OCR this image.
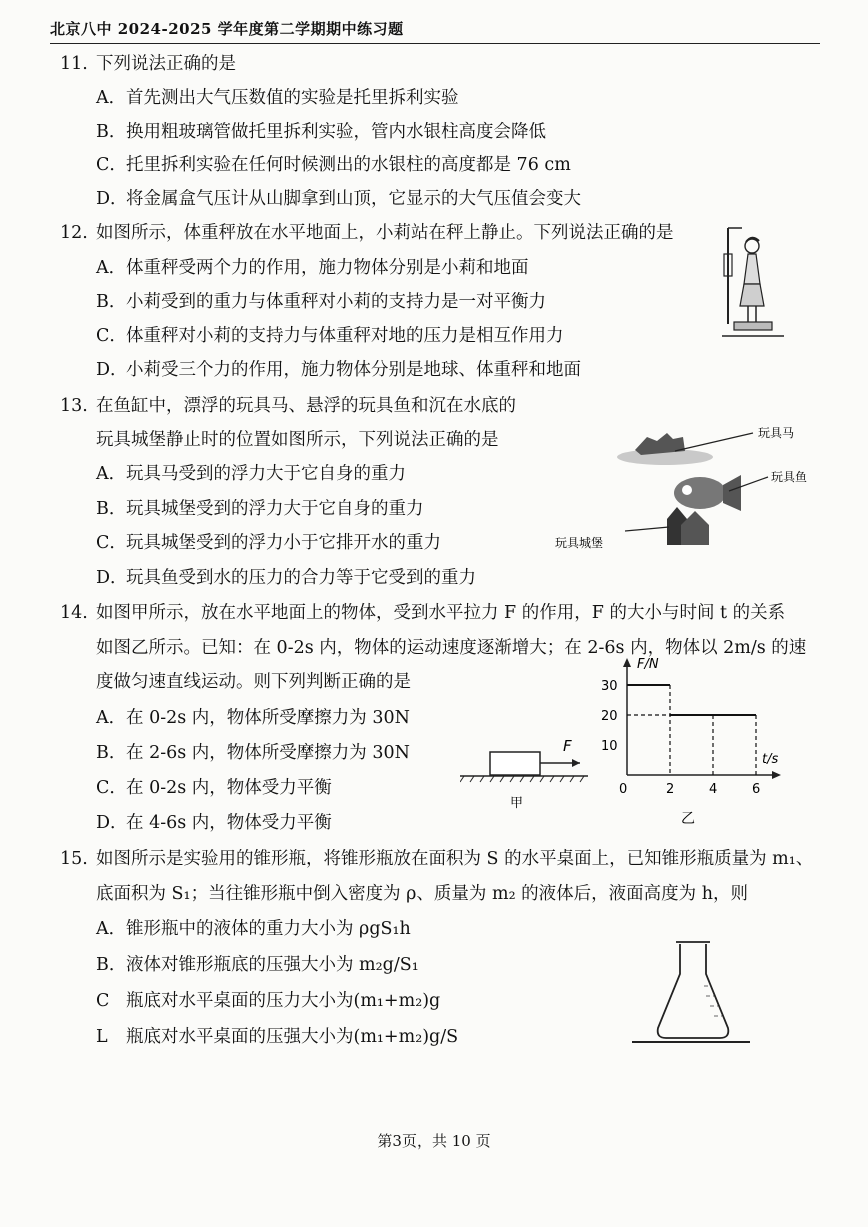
北京八中 2024-2025 学年度第二学期期中练习题
11. 下列说法正确的是
A．首先测出大气压数值的实验是托里拆利实验
B．换用粗玻璃管做托里拆利实验，管内水银柱高度会降低
C．托里拆利实验在任何时候测出的水银柱的高度都是 76 cm
D．将金属盒气压计从山脚拿到山顶，它显示的大气压值会变大
12. 如图所示，体重秤放在水平地面上，小莉站在秤上静止。下列说法正确的是
A．体重秤受两个力的作用，施力物体分别是小莉和地面
B．小莉受到的重力与体重秤对小莉的支持力是一对平衡力
C．体重秤对小莉的支持力与体重秤对地的压力是相互作用力
D．小莉受三个力的作用，施力物体分别是地球、体重秤和地面
13. 在鱼缸中，漂浮的玩具马、悬浮的玩具鱼和沉在水底的
玩具城堡静止时的位置如图所示，下列说法正确的是
A．玩具马受到的浮力大于它自身的重力
B．玩具城堡受到的浮力大于它自身的重力
C．玩具城堡受到的浮力小于它排开水的重力
D．玩具鱼受到水的压力的合力等于它受到的重力
玩具马
玩具鱼
玩具城堡
14. 如图甲所示，放在水平地面上的物体，受到水平拉力 F 的作用，F 的大小与时间 t 的关系
如图乙所示。已知：在 0-2s 内，物体的运动速度逐渐增大；在 2-6s 内，物体以 2m/s 的速
度做匀速直线运动。则下列判断正确的是
A．在 0-2s 内，物体所受摩擦力为 30N
B．在 2-6s 内，物体所受摩擦力为 30N
C．在 0-2s 内，物体受力平衡
D．在 4-6s 内，物体受力平衡
F
甲
F/N
t/s
0
10
20
30
2	4	6
乙
15. 如图所示是实验用的锥形瓶，将锥形瓶放在面积为 S 的水平桌面上，已知锥形瓶质量为 m₁、
底面积为 S₁；当往锥形瓶中倒入密度为 ρ、质量为 m₂ 的液体后，液面高度为 h，则
A．锥形瓶中的液体的重力大小为 ρgS₁h
B．液体对锥形瓶底的压强大小为 m₂g/S₁
C 瓶底对水平桌面的压力大小为(m₁+m₂)g
L 瓶底对水平桌面的压强大小为(m₁+m₂)g/S
第3页，共 10 页
